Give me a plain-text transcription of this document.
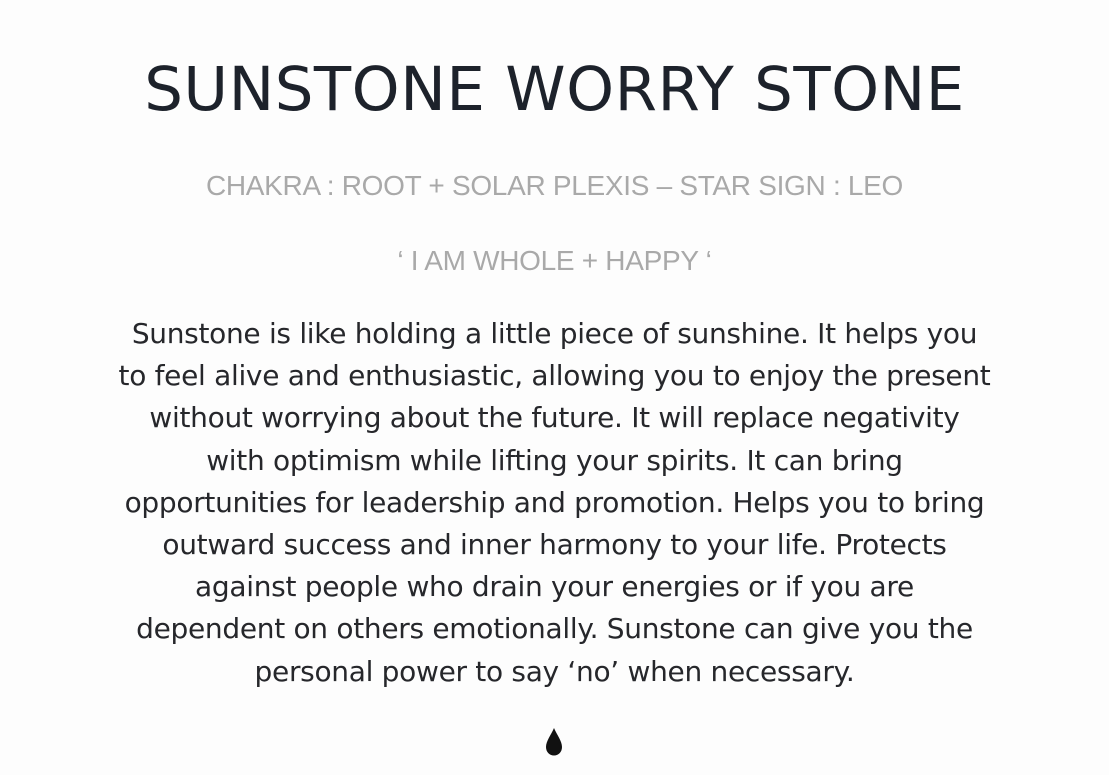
SUNSTONE WORRY STONE
CHAKRA : ROOT + SOLAR PLEXIS – STAR SIGN : LEO
‘ I AM WHOLE + HAPPY ‘
Sunstone is like holding a little piece of sunshine. It helps you
to feel alive and enthusiastic, allowing you to enjoy the present
without worrying about the future. It will replace negativity
with optimism while lifting your spirits. It can bring
opportunities for leadership and promotion. Helps you to bring
outward success and inner harmony to your life. Protects
against people who drain your energies or if you are
dependent on others emotionally. Sunstone can give you the
personal power to say ‘no’ when necessary.
